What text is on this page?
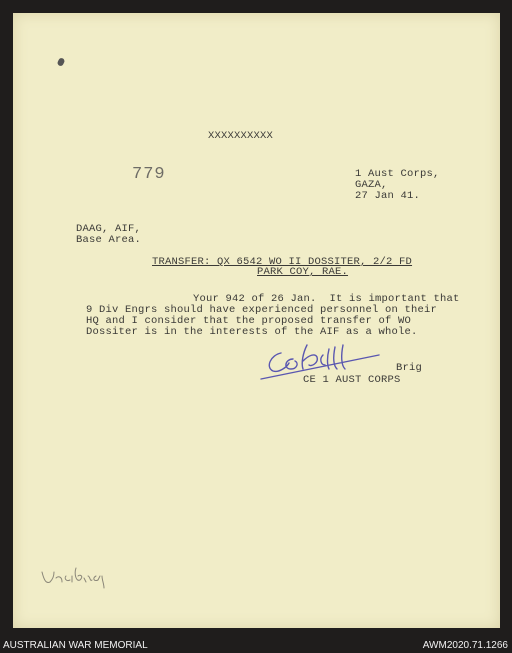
XXXXXXXXXX
779	1 Aust Corps,
GAZA,
27 Jan 41.
DAAG, AIF,
Base Area.
TRANSFER: QX 6542 WO II DOSSITER, 2/2 FD
PARK COY, RAE.
Your 942 of 26 Jan.  It is important that
9 Div Engrs should have experienced personnel on their
HQ and I consider that the proposed transfer of WO
Dossiter is in the interests of the AIF as a whole.
Brig
CE 1 AUST CORPS
AUSTRALIAN WAR MEMORIAL	AWM2020.71.1266
